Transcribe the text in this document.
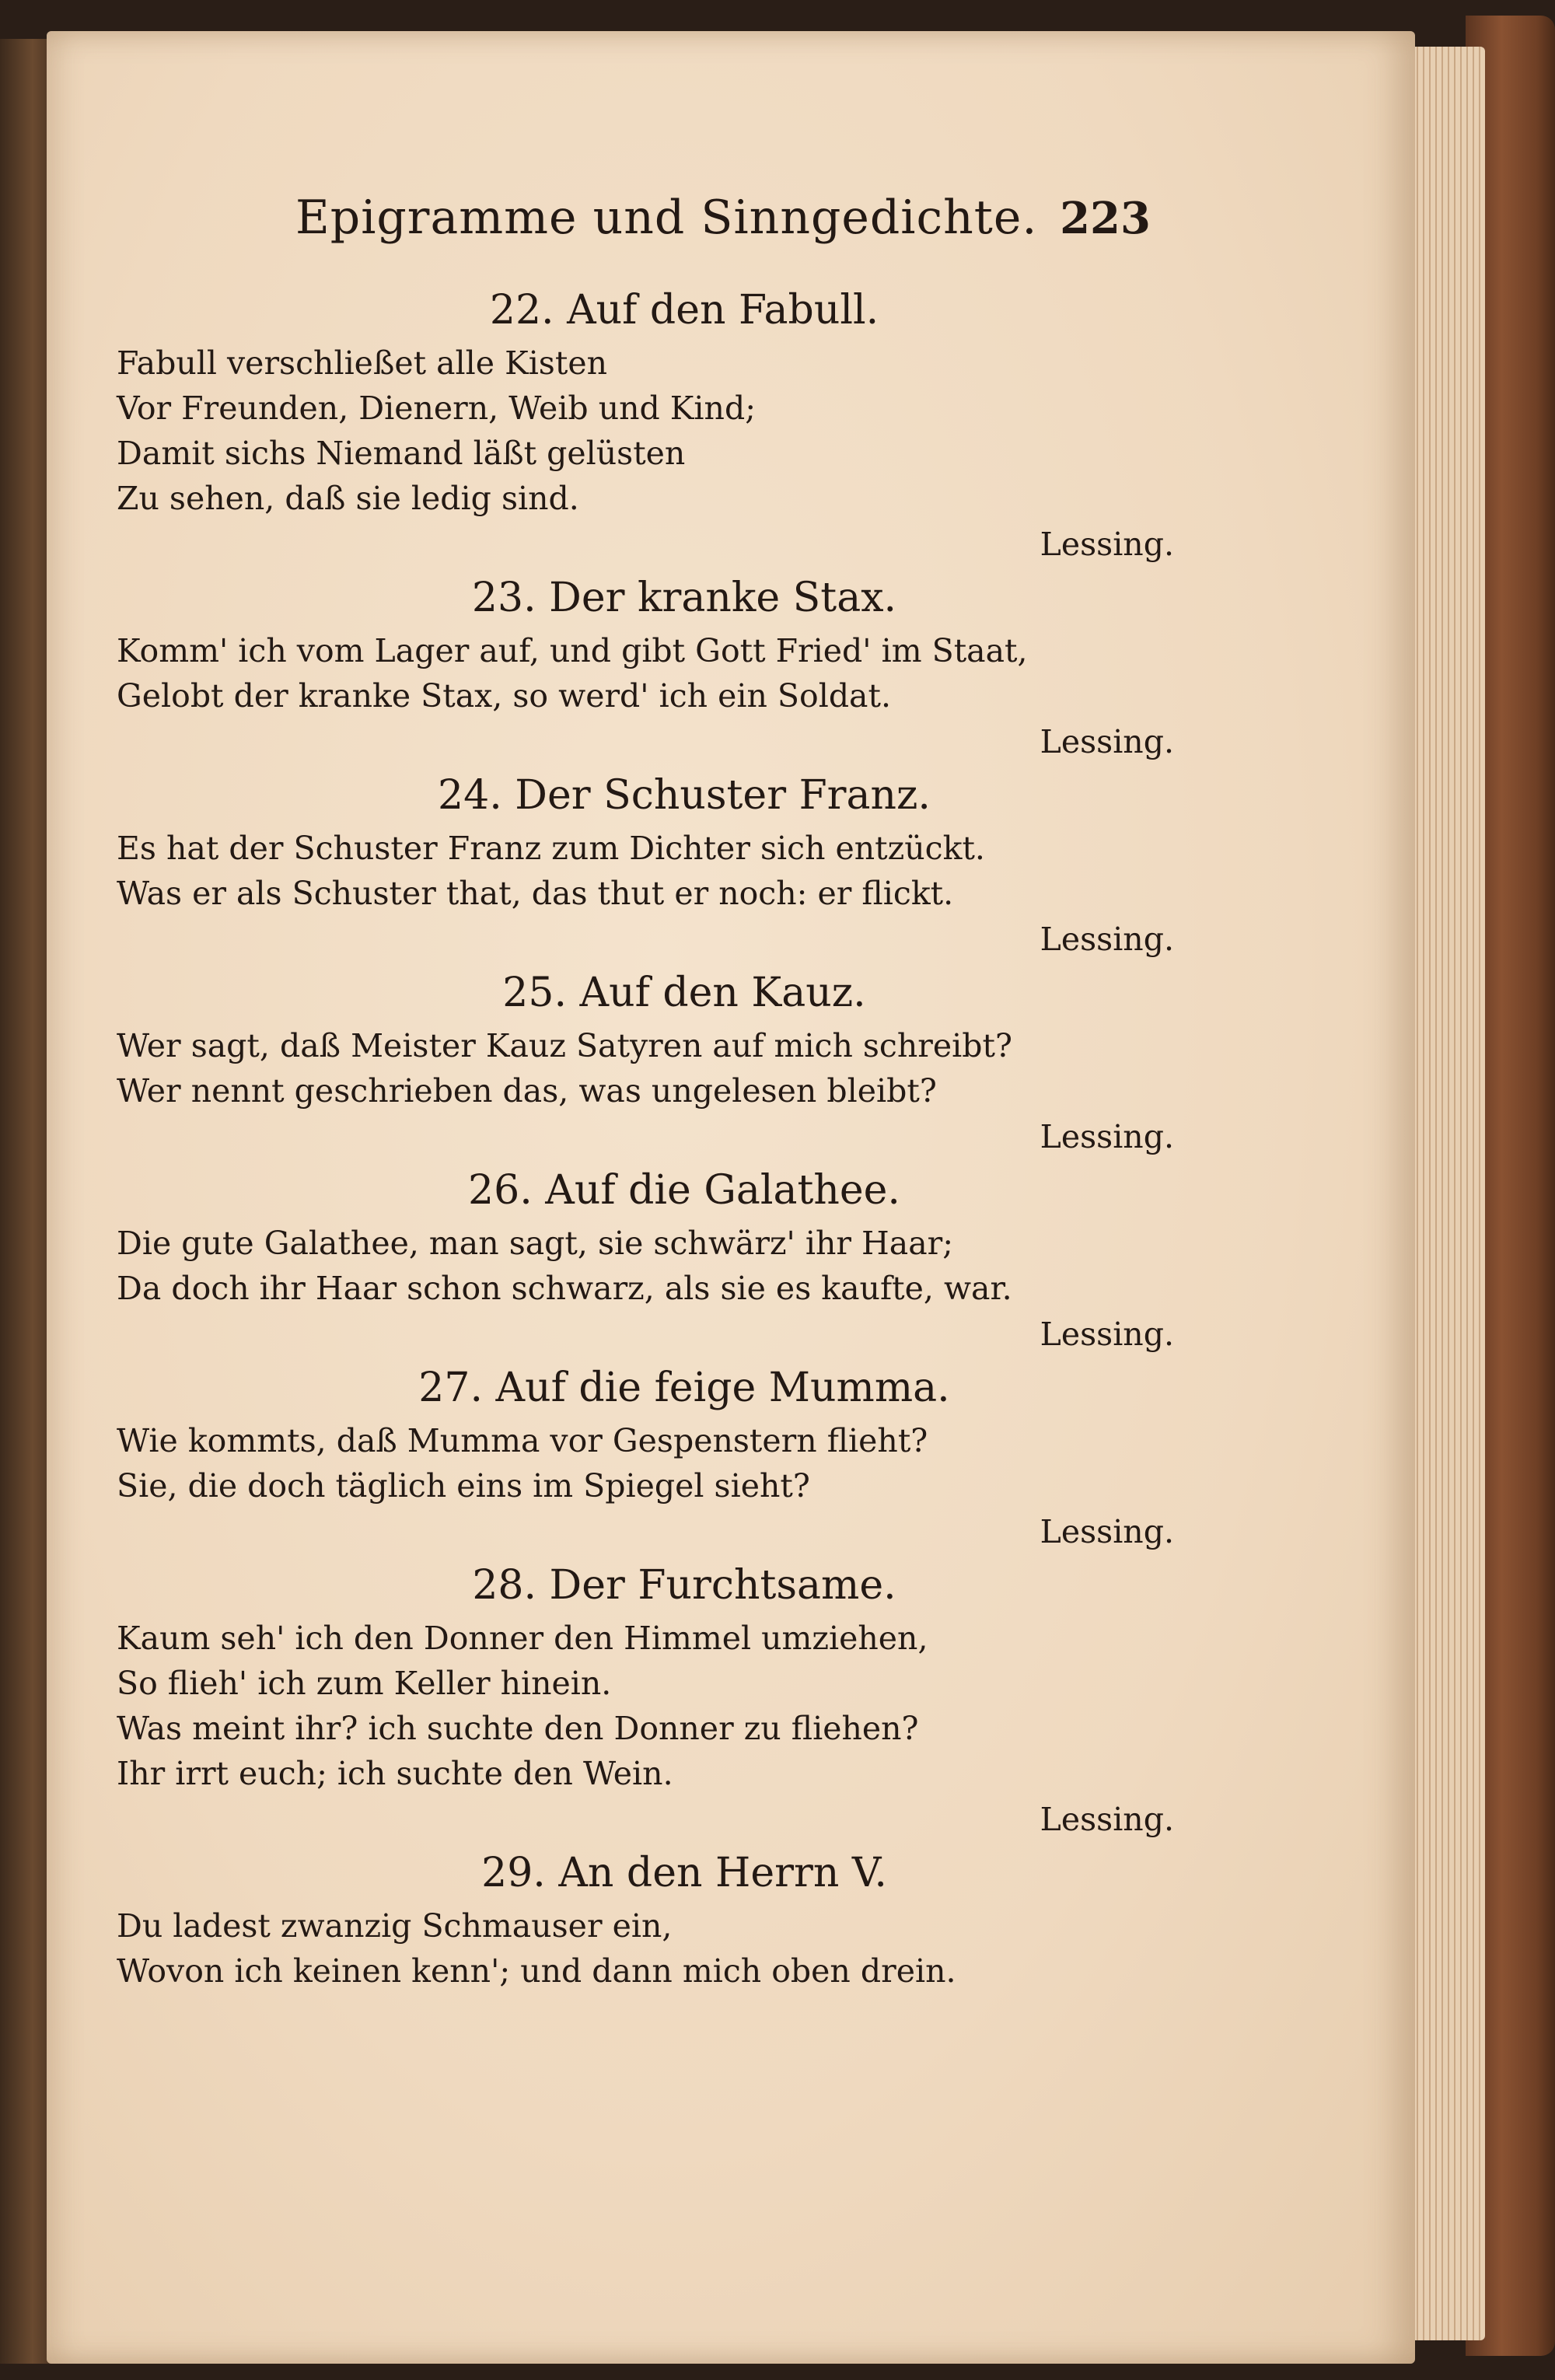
Epigramme und Sinngedichte. 223
22. Auf den Fabull.
Fabull verschließet alle Kisten
Vor Freunden, Dienern, Weib und Kind;
Damit sichs Niemand läßt gelüsten
Zu sehen, daß sie ledig sind.
Lessing.
23. Der kranke Stax.
Komm' ich vom Lager auf, und gibt Gott Fried' im Staat,
Gelobt der kranke Stax, so werd' ich ein Soldat.
Lessing.
24. Der Schuster Franz.
Es hat der Schuster Franz zum Dichter sich entzückt.
Was er als Schuster that, das thut er noch: er flickt.
Lessing.
25. Auf den Kauz.
Wer sagt, daß Meister Kauz Satyren auf mich schreibt?
Wer nennt geschrieben das, was ungelesen bleibt?
Lessing.
26. Auf die Galathee.
Die gute Galathee, man sagt, sie schwärz' ihr Haar;
Da doch ihr Haar schon schwarz, als sie es kaufte, war.
Lessing.
27. Auf die feige Mumma.
Wie kommts, daß Mumma vor Gespenstern flieht?
Sie, die doch täglich eins im Spiegel sieht?
Lessing.
28. Der Furchtsame.
Kaum seh' ich den Donner den Himmel umziehen,
So flieh' ich zum Keller hinein.
Was meint ihr? ich suchte den Donner zu fliehen?
Ihr irrt euch; ich suchte den Wein.
Lessing.
29. An den Herrn V.
Du ladest zwanzig Schmauser ein,
Wovon ich keinen kenn'; und dann mich oben drein.
